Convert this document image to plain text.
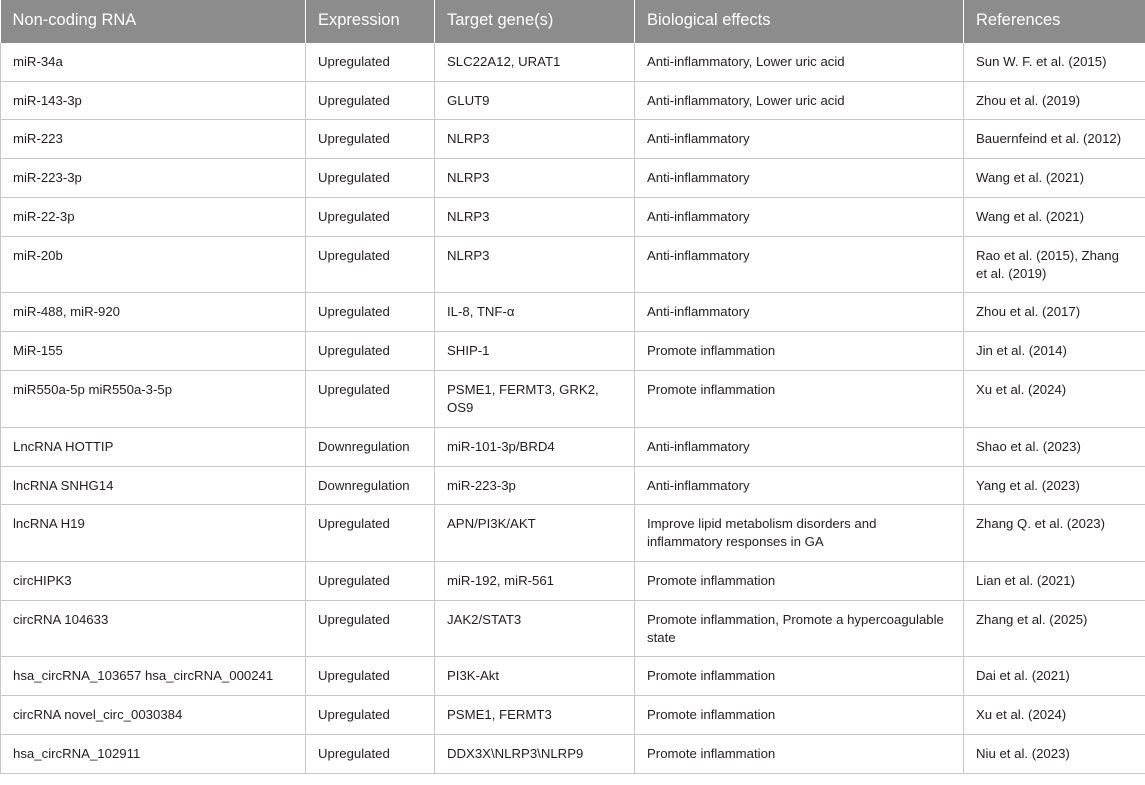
Non-coding RNA	Expression	Target gene(s)	Biological effects	References
miR-34a	Upregulated	SLC22A12, URAT1	Anti-inflammatory, Lower uric acid	Sun W. F. et al. (2015)
miR-143-3p	Upregulated	GLUT9	Anti-inflammatory, Lower uric acid	Zhou et al. (2019)
miR-223	Upregulated	NLRP3	Anti-inflammatory	Bauernfeind et al. (2012)
miR-223-3p	Upregulated	NLRP3	Anti-inflammatory	Wang et al. (2021)
miR-22-3p	Upregulated	NLRP3	Anti-inflammatory	Wang et al. (2021)
miR-20b	Upregulated	NLRP3	Anti-inflammatory	Rao et al. (2015), Zhang et al. (2019)
miR-488, miR-920	Upregulated	IL-8, TNF-α	Anti-inflammatory	Zhou et al. (2017)
MiR-155	Upregulated	SHIP-1	Promote inflammation	Jin et al. (2014)
miR550a-5p miR550a-3-5p	Upregulated	PSME1, FERMT3, GRK2, OS9	Promote inflammation	Xu et al. (2024)
LncRNA HOTTIP	Downregulation	miR-101-3p/BRD4	Anti-inflammatory	Shao et al. (2023)
lncRNA SNHG14	Downregulation	miR-223-3p	Anti-inflammatory	Yang et al. (2023)
lncRNA H19	Upregulated	APN/PI3K/AKT	Improve lipid metabolism disorders and inflammatory responses in GA	Zhang Q. et al. (2023)
circHIPK3	Upregulated	miR-192, miR-561	Promote inflammation	Lian et al. (2021)
circRNA 104633	Upregulated	JAK2/STAT3	Promote inflammation, Promote a hypercoagulable state	Zhang et al. (2025)
hsa_circRNA_103657 hsa_circRNA_000241	Upregulated	PI3K-Akt	Promote inflammation	Dai et al. (2021)
circRNA novel_circ_0030384	Upregulated	PSME1, FERMT3	Promote inflammation	Xu et al. (2024)
hsa_circRNA_102911	Upregulated	DDX3X\NLRP3\NLRP9	Promote inflammation	Niu et al. (2023)
